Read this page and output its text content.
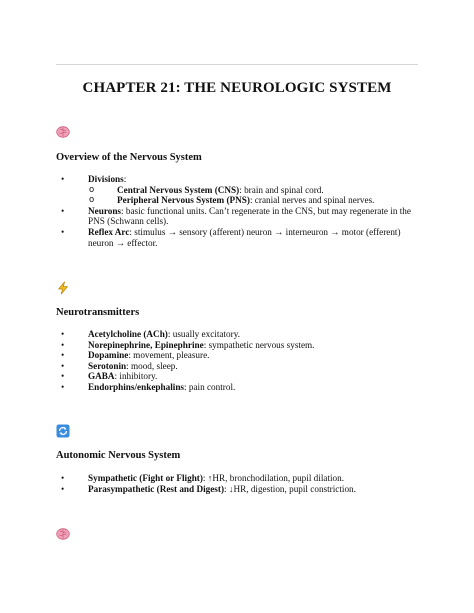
CHAPTER 21: THE NEUROLOGIC SYSTEM
Overview of the Nervous System
• Divisions:
o Central Nervous System (CNS): brain and spinal cord.
o Peripheral Nervous System (PNS): cranial nerves and spinal nerves.
• Neurons: basic functional units. Can’t regenerate in the CNS, but may regenerate in the PNS (Schwann cells).
• Reflex Arc: stimulus → sensory (afferent) neuron → interneuron → motor (efferent) neuron → effector.
Neurotransmitters
• Acetylcholine (ACh): usually excitatory.
• Norepinephrine, Epinephrine: sympathetic nervous system.
• Dopamine: movement, pleasure.
• Serotonin: mood, sleep.
• GABA: inhibitory.
• Endorphins/enkephalins: pain control.
Autonomic Nervous System
• Sympathetic (Fight or Flight): ↑HR, bronchodilation, pupil dilation.
• Parasympathetic (Rest and Digest): ↓HR, digestion, pupil constriction.
